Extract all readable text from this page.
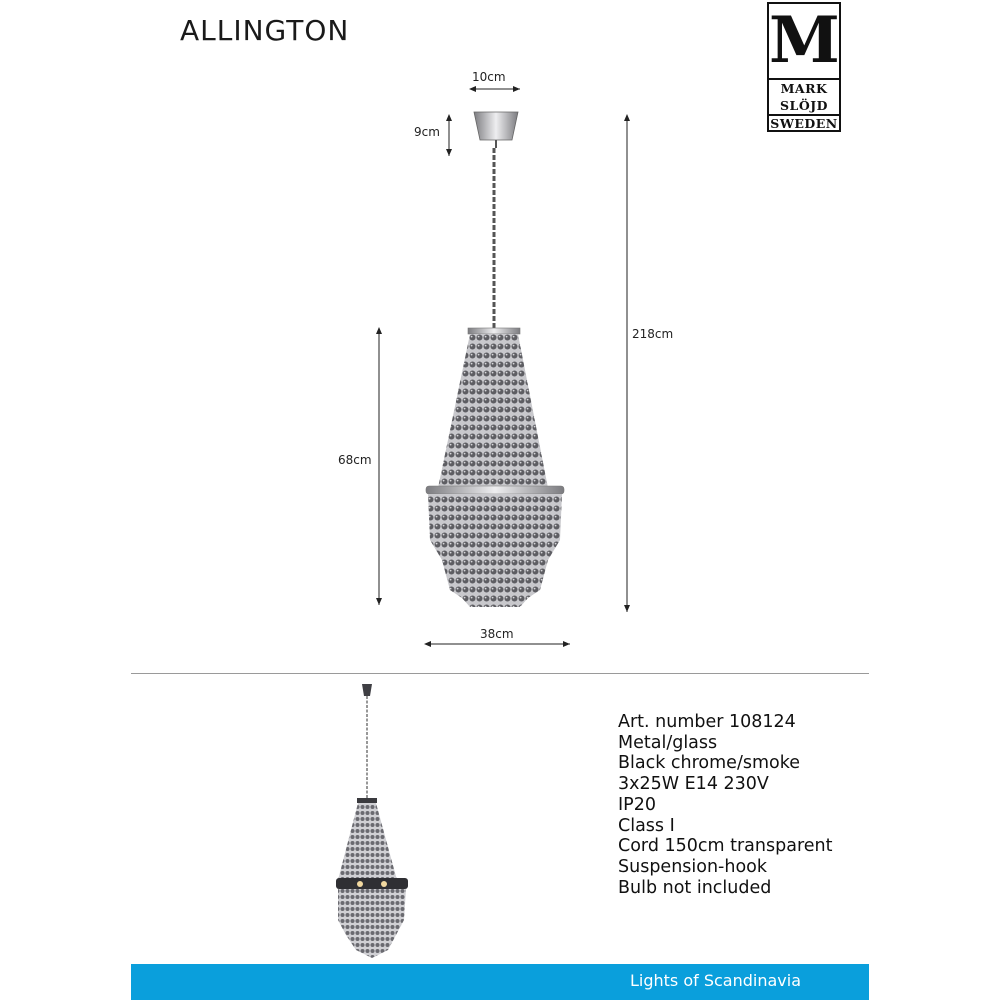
ALLINGTON	M
MARK
SLÖJD
SWEDEN
10cm
9cm
218cm
68cm
38cm
Art. number 108124
Metal/glass
Black chrome/smoke
3x25W E14 230V
IP20
Class I
Cord 150cm transparent
Suspension-hook
Bulb not included
Lights of Scandinavia
